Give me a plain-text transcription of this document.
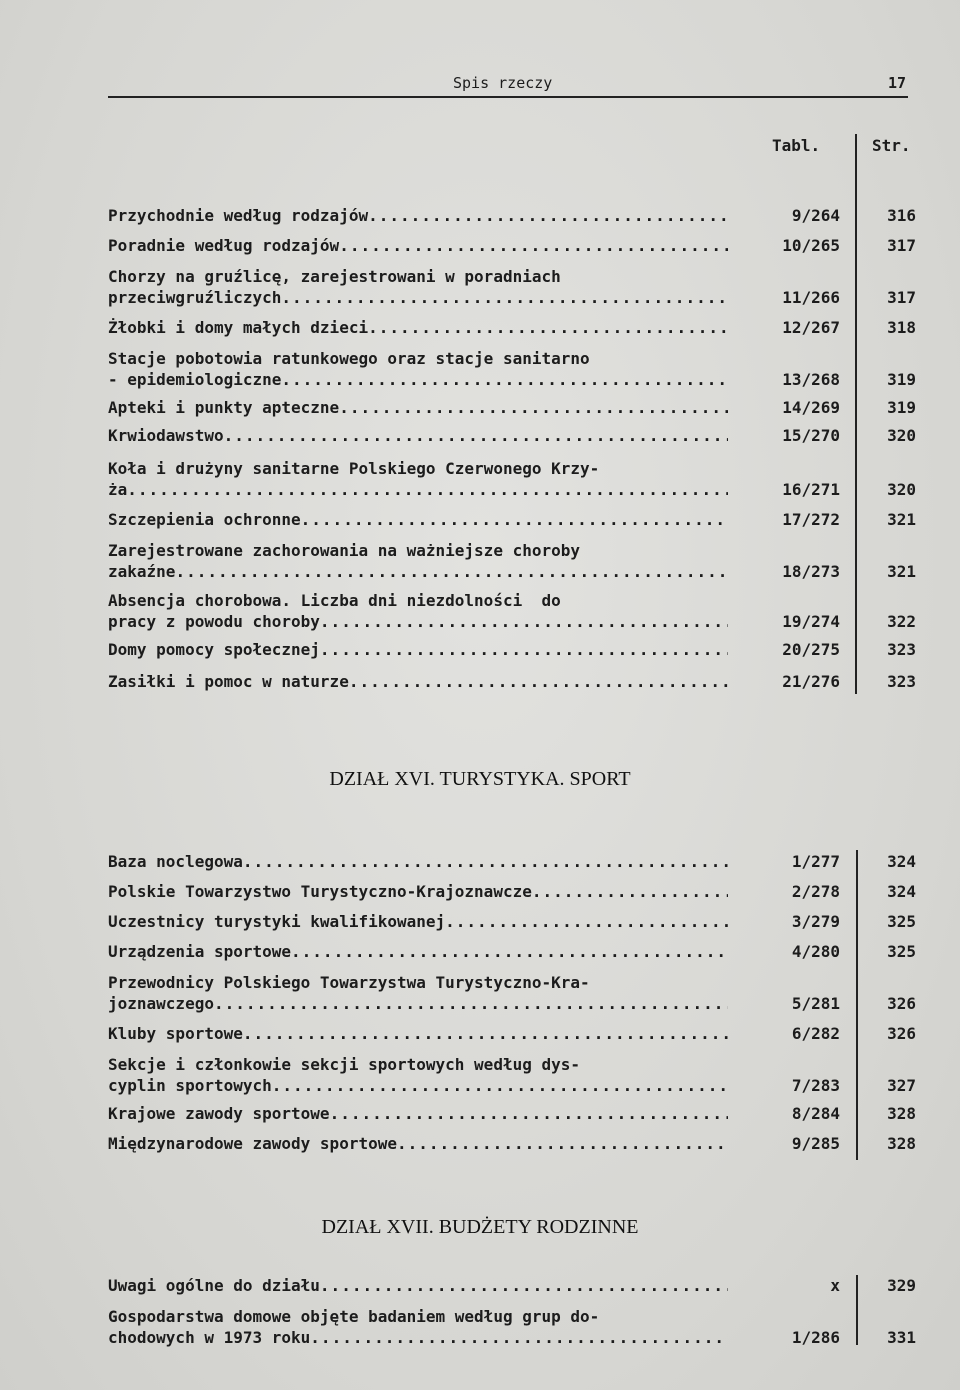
Spis rzeczy	17
Tabl.	Str.
Przychodnie według rodzajów .....	9/264	316
Poradnie według rodzajów .....	10/265	317
Chorzy na gruźlicę, zarejestrowani w poradniach
przeciwgruźliczych .....	11/266	317
Żłobki i domy małych dzieci .....	12/267	318
Stacje pobotowia ratunkowego oraz stacje sanitarno
- epidemiologiczne .....	13/268	319
Apteki i punkty apteczne .....	14/269	319
Krwiodawstwo .....	15/270	320
Koła i drużyny sanitarne Polskiego Czerwonego Krzy-
ża .....	16/271	320
Szczepienia ochronne .....	17/272	321
Zarejestrowane zachorowania na ważniejsze choroby
zakaźne .....	18/273	321
Absencja chorobowa. Liczba dni niezdolności  do
pracy z powodu choroby .....	19/274	322
Domy pomocy społecznej .....	20/275	323
Zasiłki i pomoc w naturze .....	21/276	323
DZIAŁ XVI. TURYSTYKA. SPORT
Baza noclegowa .....	1/277	324
Polskie Towarzystwo Turystyczno-Krajoznawcze .....	2/278	324
Uczestnicy turystyki kwalifikowanej .....	3/279	325
Urządzenia sportowe .....	4/280	325
Przewodnicy Polskiego Towarzystwa Turystyczno-Kra-
joznawczego .....	5/281	326
Kluby sportowe .....	6/282	326
Sekcje i członkowie sekcji sportowych według dys-
cyplin sportowych .....	7/283	327
Krajowe zawody sportowe .....	8/284	328
Międzynarodowe zawody sportowe .....	9/285	328
DZIAŁ XVII. BUDŻETY RODZINNE
Uwagi ogólne do działu .....	x	329
Gospodarstwa domowe objęte badaniem według grup do-
chodowych w 1973 roku .....	1/286	331
